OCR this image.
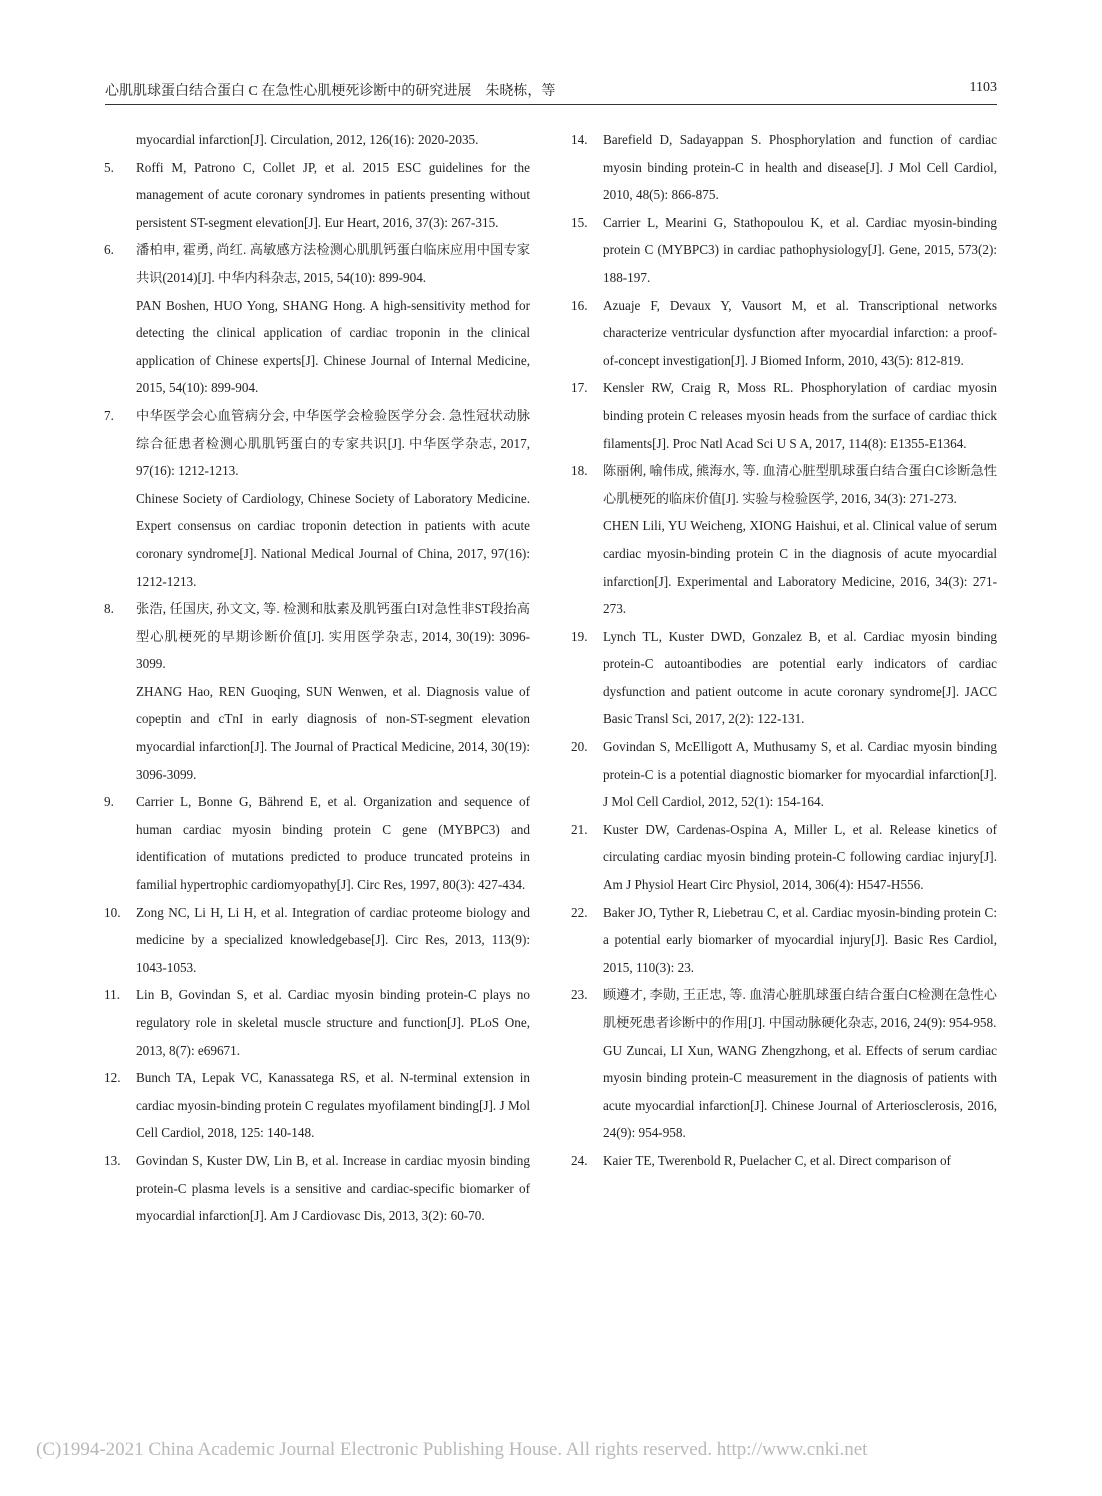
心肌肌球蛋白结合蛋白 C 在急性心肌梗死诊断中的研究进展　朱晓栋，等	1103
myocardial infarction[J]. Circulation, 2012, 126(16): 2020-2035.
5. Roffi M, Patrono C, Collet JP, et al. 2015 ESC guidelines for the management of acute coronary syndromes in patients presenting without persistent ST-segment elevation[J]. Eur Heart, 2016, 37(3): 267-315.
6. 潘柏申, 霍勇, 尚红. 高敏感方法检测心肌肌钙蛋白临床应用中国专家共识(2014)[J]. 中华内科杂志, 2015, 54(10): 899-904.
PAN Boshen, HUO Yong, SHANG Hong. A high-sensitivity method for detecting the clinical application of cardiac troponin in the clinical application of Chinese experts[J]. Chinese Journal of Internal Medicine, 2015, 54(10): 899-904.
7. 中华医学会心血管病分会, 中华医学会检验医学分会. 急性冠状动脉综合征患者检测心肌肌钙蛋白的专家共识[J]. 中华医学杂志, 2017, 97(16): 1212-1213.
Chinese Society of Cardiology, Chinese Society of Laboratory Medicine. Expert consensus on cardiac troponin detection in patients with acute coronary syndrome[J]. National Medical Journal of China, 2017, 97(16): 1212-1213.
8. 张浩, 任国庆, 孙文文, 等. 检测和肽素及肌钙蛋白I对急性非ST段抬高型心肌梗死的早期诊断价值[J]. 实用医学杂志, 2014, 30(19): 3096-3099.
ZHANG Hao, REN Guoqing, SUN Wenwen, et al. Diagnosis value of copeptin and cTnI in early diagnosis of non-ST-segment elevation myocardial infarction[J]. The Journal of Practical Medicine, 2014, 30(19): 3096-3099.
9. Carrier L, Bonne G, Bährend E, et al. Organization and sequence of human cardiac myosin binding protein C gene (MYBPC3) and identification of mutations predicted to produce truncated proteins in familial hypertrophic cardiomyopathy[J]. Circ Res, 1997, 80(3): 427-434.
10. Zong NC, Li H, Li H, et al. Integration of cardiac proteome biology and medicine by a specialized knowledgebase[J]. Circ Res, 2013, 113(9): 1043-1053.
11. Lin B, Govindan S, et al. Cardiac myosin binding protein-C plays no regulatory role in skeletal muscle structure and function[J]. PLoS One, 2013, 8(7): e69671.
12. Bunch TA, Lepak VC, Kanassatega RS, et al. N-terminal extension in cardiac myosin-binding protein C regulates myofilament binding[J]. J Mol Cell Cardiol, 2018, 125: 140-148.
13. Govindan S, Kuster DW, Lin B, et al. Increase in cardiac myosin binding protein-C plasma levels is a sensitive and cardiac-specific biomarker of myocardial infarction[J]. Am J Cardiovasc Dis, 2013, 3(2): 60-70.
14. Barefield D, Sadayappan S. Phosphorylation and function of cardiac myosin binding protein-C in health and disease[J]. J Mol Cell Cardiol, 2010, 48(5): 866-875.
15. Carrier L, Mearini G, Stathopoulou K, et al. Cardiac myosin-binding protein C (MYBPC3) in cardiac pathophysiology[J]. Gene, 2015, 573(2): 188-197.
16. Azuaje F, Devaux Y, Vausort M, et al. Transcriptional networks characterize ventricular dysfunction after myocardial infarction: a proof-of-concept investigation[J]. J Biomed Inform, 2010, 43(5): 812-819.
17. Kensler RW, Craig R, Moss RL. Phosphorylation of cardiac myosin binding protein C releases myosin heads from the surface of cardiac thick filaments[J]. Proc Natl Acad Sci U S A, 2017, 114(8): E1355-E1364.
18. 陈丽俐, 喻伟成, 熊海水, 等. 血清心脏型肌球蛋白结合蛋白C诊断急性心肌梗死的临床价值[J]. 实验与检验医学, 2016, 34(3): 271-273.
CHEN Lili, YU Weicheng, XIONG Haishui, et al. Clinical value of serum cardiac myosin-binding protein C in the diagnosis of acute myocardial infarction[J]. Experimental and Laboratory Medicine, 2016, 34(3): 271-273.
19. Lynch TL, Kuster DWD, Gonzalez B, et al. Cardiac myosin binding protein-C autoantibodies are potential early indicators of cardiac dysfunction and patient outcome in acute coronary syndrome[J]. JACC Basic Transl Sci, 2017, 2(2): 122-131.
20. Govindan S, McElligott A, Muthusamy S, et al. Cardiac myosin binding protein-C is a potential diagnostic biomarker for myocardial infarction[J]. J Mol Cell Cardiol, 2012, 52(1): 154-164.
21. Kuster DW, Cardenas-Ospina A, Miller L, et al. Release kinetics of circulating cardiac myosin binding protein-C following cardiac injury[J]. Am J Physiol Heart Circ Physiol, 2014, 306(4): H547-H556.
22. Baker JO, Tyther R, Liebetrau C, et al. Cardiac myosin-binding protein C: a potential early biomarker of myocardial injury[J]. Basic Res Cardiol, 2015, 110(3): 23.
23. 顾遵才, 李勋, 王正忠, 等. 血清心脏肌球蛋白结合蛋白C检测在急性心肌梗死患者诊断中的作用[J]. 中国动脉硬化杂志, 2016, 24(9): 954-958.
GU Zuncai, LI Xun, WANG Zhengzhong, et al. Effects of serum cardiac myosin binding protein-C measurement in the diagnosis of patients with acute myocardial infarction[J]. Chinese Journal of Arteriosclerosis, 2016, 24(9): 954-958.
24. Kaier TE, Twerenbold R, Puelacher C, et al. Direct comparison of
(C)1994-2021 China Academic Journal Electronic Publishing House. All rights reserved. http://www.cnki.net
